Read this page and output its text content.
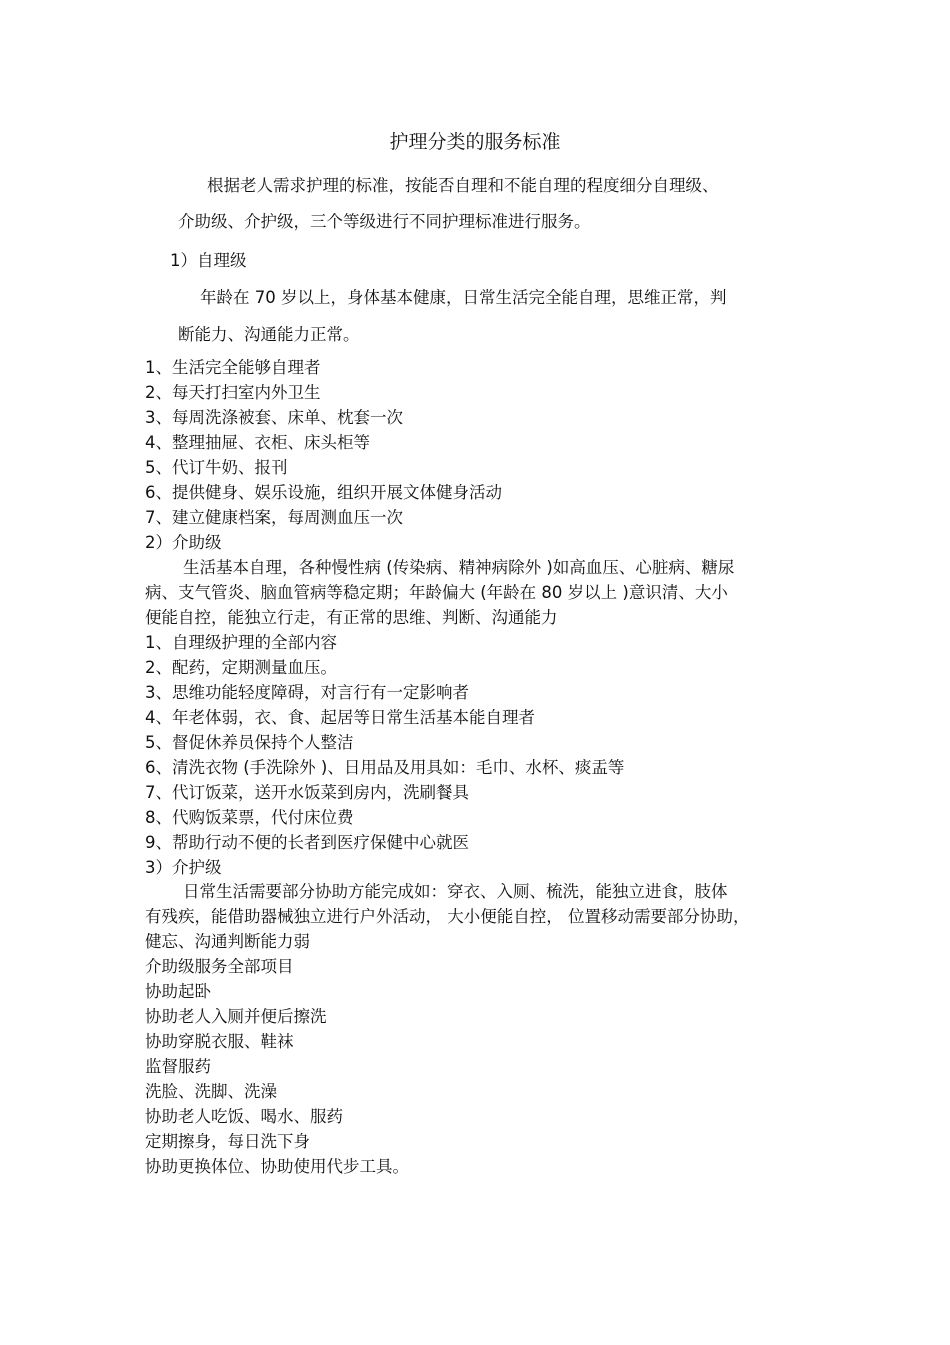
护理分类的服务标准
根据老人需求护理的标准，按能否自理和不能自理的程度细分自理级、
介助级、介护级，三个等级进行不同护理标准进行服务。
1）自理级
年龄在 70 岁以上，身体基本健康，日常生活完全能自理，思维正常，判
断能力、沟通能力正常。
1、生活完全能够自理者
2、每天打扫室内外卫生
3、每周洗涤被套、床单、枕套一次
4、整理抽屉、衣柜、床头柜等
5、代订牛奶、报刊
6、提供健身、娱乐设施，组织开展文体健身活动
7、建立健康档案，每周测血压一次
2）介助级
生活基本自理，各种慢性病 (传染病、精神病除外 )如高血压、心脏病、糖尿
病、支气管炎、脑血管病等稳定期；年龄偏大 (年龄在 80 岁以上 )意识清、大小
便能自控，能独立行走，有正常的思维、判断、沟通能力
1、自理级护理的全部内容
2、配药，定期测量血压。
3、思维功能轻度障碍，对言行有一定影响者
4、年老体弱，衣、食、起居等日常生活基本能自理者
5、督促休养员保持个人整洁
6、清洗衣物 (手洗除外 )、日用品及用具如：毛巾、水杯、痰盂等
7、代订饭菜，送开水饭菜到房内，洗刷餐具
8、代购饭菜票，代付床位费
9、帮助行动不便的长者到医疗保健中心就医
3）介护级
日常生活需要部分协助方能完成如：穿衣、入厕、梳洗，能独立进食，肢体
有残疾，能借助器械独立进行户外活动， 大小便能自控， 位置移动需要部分协助，
健忘、沟通判断能力弱
介助级服务全部项目
协助起卧
协助老人入厕并便后擦洗
协助穿脱衣服、鞋袜
监督服药
洗脸、洗脚、洗澡
协助老人吃饭、喝水、服药
定期擦身，每日洗下身
协助更换体位、协助使用代步工具。
